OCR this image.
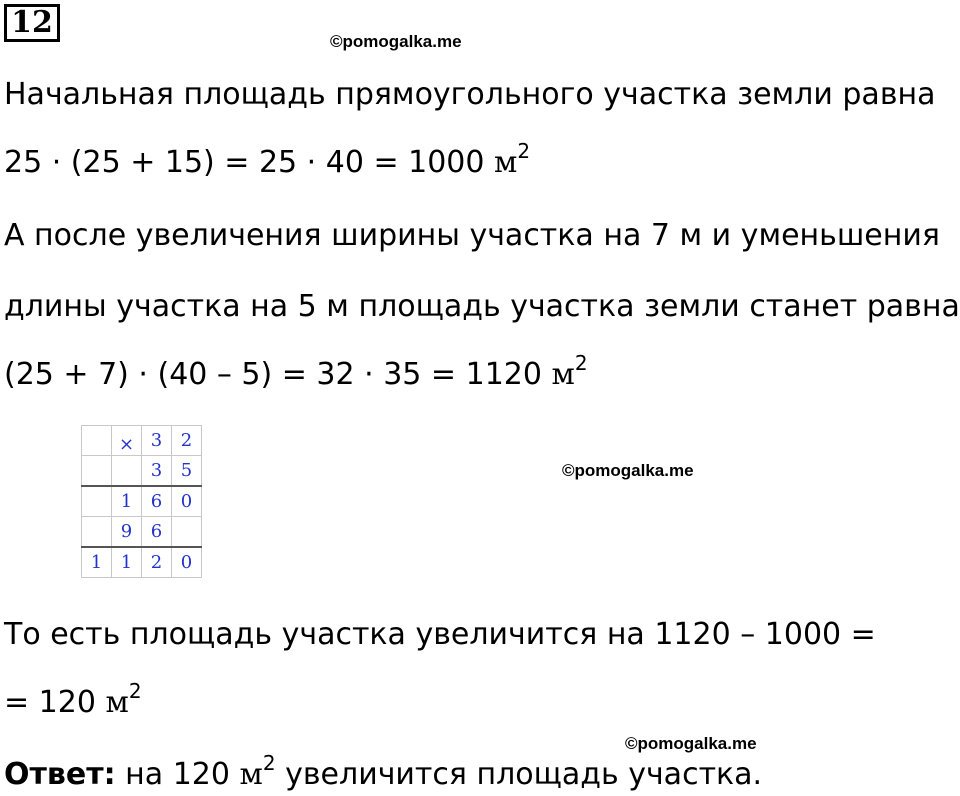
12
©pomogalka.me
©pomogalka.me
©pomogalka.me
Начальная площадь прямоугольного участка земли равна
25 · (25 + 15) = 25 · 40 = 1000 $м^2$
А после увеличения ширины участка на 7 м и уменьшения
длины участка на 5 м площадь участка земли станет равна
(25 + 7) · (40 – 5) = 32 · 35 = 1120 $м^2$
	×	3	2
		3	5
	1	6	0
	9	6	
1	1	2	0
То есть площадь участка увеличится на 1120 – 1000 =
= 120 $м^2$
Ответ: на 120 $м^2$ увеличится площадь участка.
